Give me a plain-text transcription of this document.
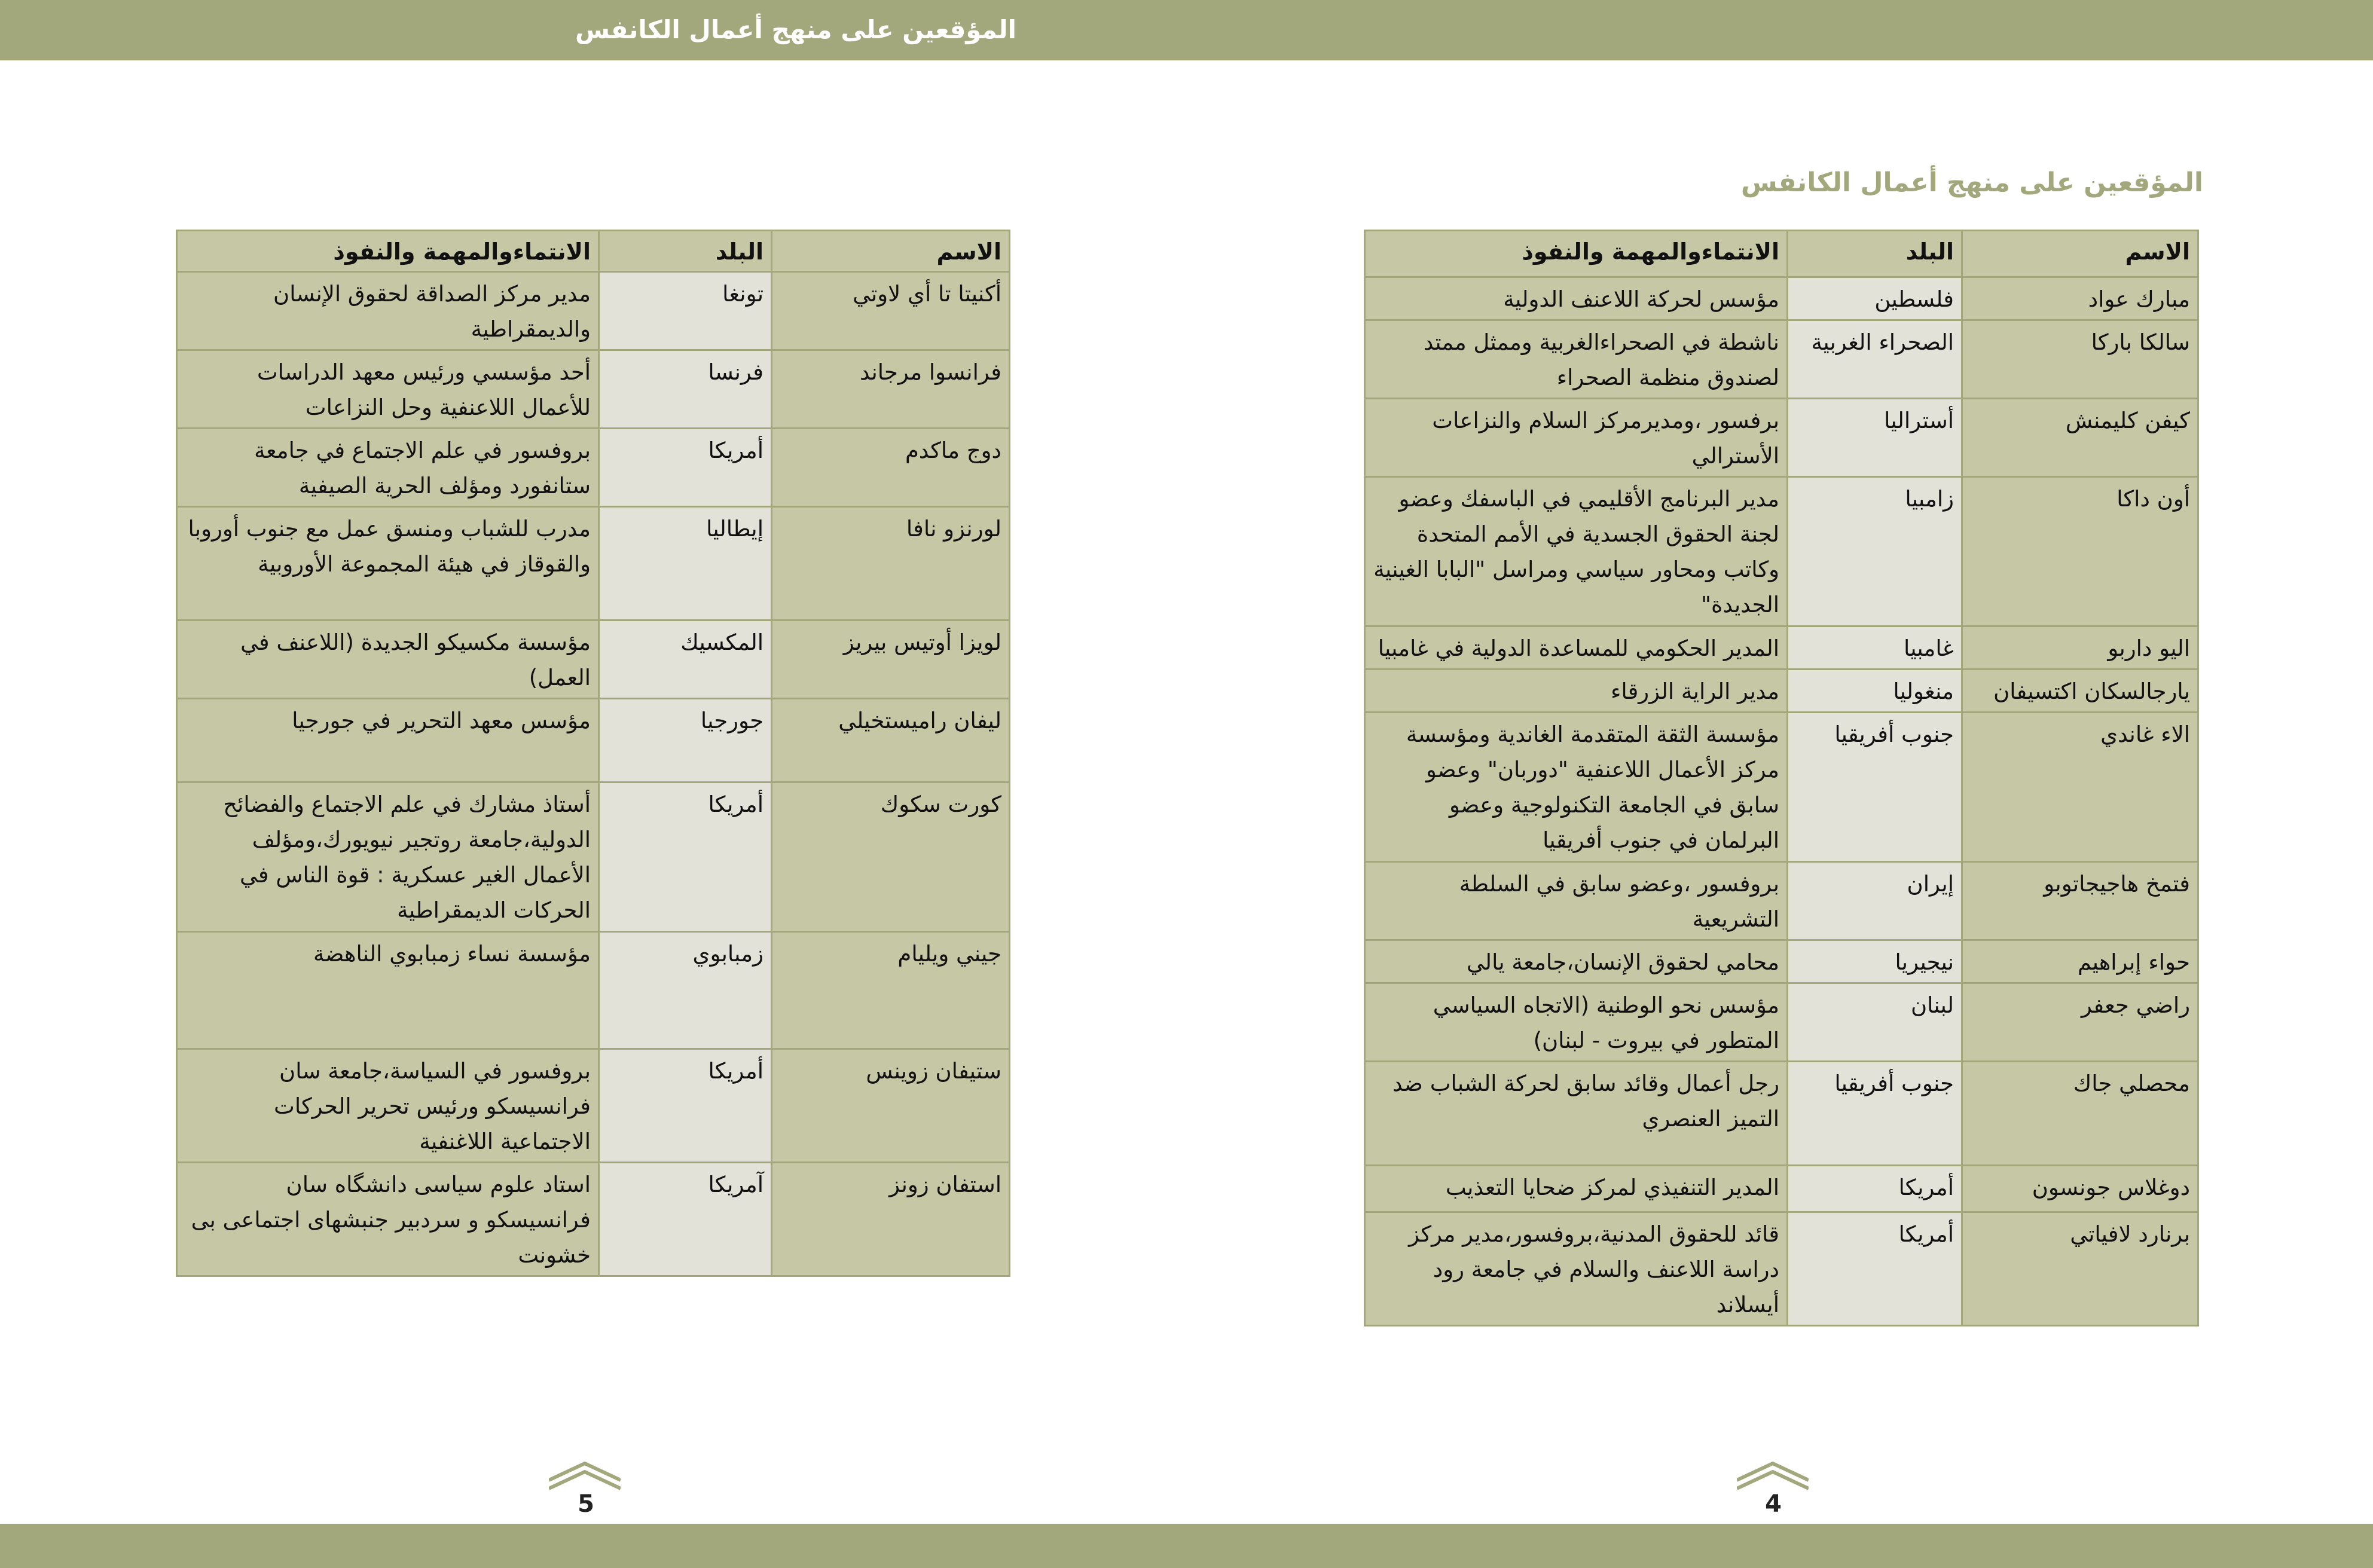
المؤقعين على منهج أعمال الكانفس
المؤقعين على منهج أعمال الكانفس
الاسم	البلد	الانتماءوالمهمة والنفوذ
مبارك عواد	فلسطين	مؤسس لحركة اللاعنف الدولية
سالكا باركا	الصحراء الغربية	ناشطة في الصحراءالغربية وممثل ممتد لصندوق منظمة الصحراء
كيفن كليمنش	أستراليا	برفسور ،ومديرمركز السلام والنزاعات الأسترالي
أون داكا	زامبيا	مدير البرنامج الأقليمي في الباسفك وعضو لجنة الحقوق الجسدية في الأمم المتحدة وكاتب ومحاور سياسي ومراسل "البابا الغينية الجديدة"
اليو داربو	غامبيا	المدير الحكومي للمساعدة الدولية في غامبيا
يارجالسكان اكتسيفان	منغوليا	مدير الراية الزرقاء
الاء غاندي	جنوب أفريقيا	مؤسسة الثقة المتقدمة الغاندية ومؤسسة مركز الأعمال اللاعنفية "دوربان" وعضو سابق في الجامعة التكنولوجية وعضو البرلمان في جنوب أفريقيا
فتمخ هاجيجاتوبو	إيران	بروفسور ،وعضو سابق في السلطة التشريعية
حواء إبراهيم	نيجيريا	محامي لحقوق الإنسان،جامعة يالي
راضي جعفر	لبنان	مؤسس نحو الوطنية (الاتجاه السياسي المتطور في بيروت - لبنان)
محصلي جاك	جنوب أفريقيا	رجل أعمال وقائد سابق لحركة الشباب ضد التميز العنصري
دوغلاس جونسون	أمريكا	المدير التنفيذي لمركز ضحايا التعذيب
برنارد لافياتي	أمريكا	قائد للحقوق المدنية،بروفسور،مدير مركز دراسة اللاعنف والسلام في جامعة رود أيسلاند
الاسم	البلد	الانتماءوالمهمة والنفوذ
أكنيتا تا أي لاوتي	تونغا	مدير مركز الصداقة لحقوق الإنسان والديمقراطية
فرانسوا مرجاند	فرنسا	أحد مؤسسي ورئيس معهد الدراسات للأعمال اللاعنفية وحل النزاعات
دوج ماكدم	أمريكا	بروفسور في علم الاجتماع في جامعة ستانفورد ومؤلف الحرية الصيفية
لورنزو نافا	إيطاليا	مدرب للشباب ومنسق عمل مع جنوب أوروبا والقوقاز في هيئة المجموعة الأوروبية
لويزا أوتيس بيريز	المكسيك	مؤسسة مكسيكو الجديدة (اللاعنف في العمل)
ليفان راميستخيلي	جورجيا	مؤسس معهد التحرير في جورجيا
كورت سكوك	أمريكا	أستاذ مشارك في علم الاجتماع والفضائح الدولية،جامعة روتجير نيويورك،ومؤلف الأعمال الغير عسكرية : قوة الناس في الحركات الديمقراطية
جيني ويليام	زمبابوي	مؤسسة نساء زمبابوي الناهضة
ستيفان زوينس	أمريكا	بروفسور في السياسة،جامعة سان فرانسيسكو ورئيس تحرير الحركات الاجتماعية اللاغنفية
استفان زونز	آمریکا	استاد علوم سیاسی دانشگاه سان فرانسیسکو و سردبیر جنبشهای اجتماعی بی خشونت
4
5
